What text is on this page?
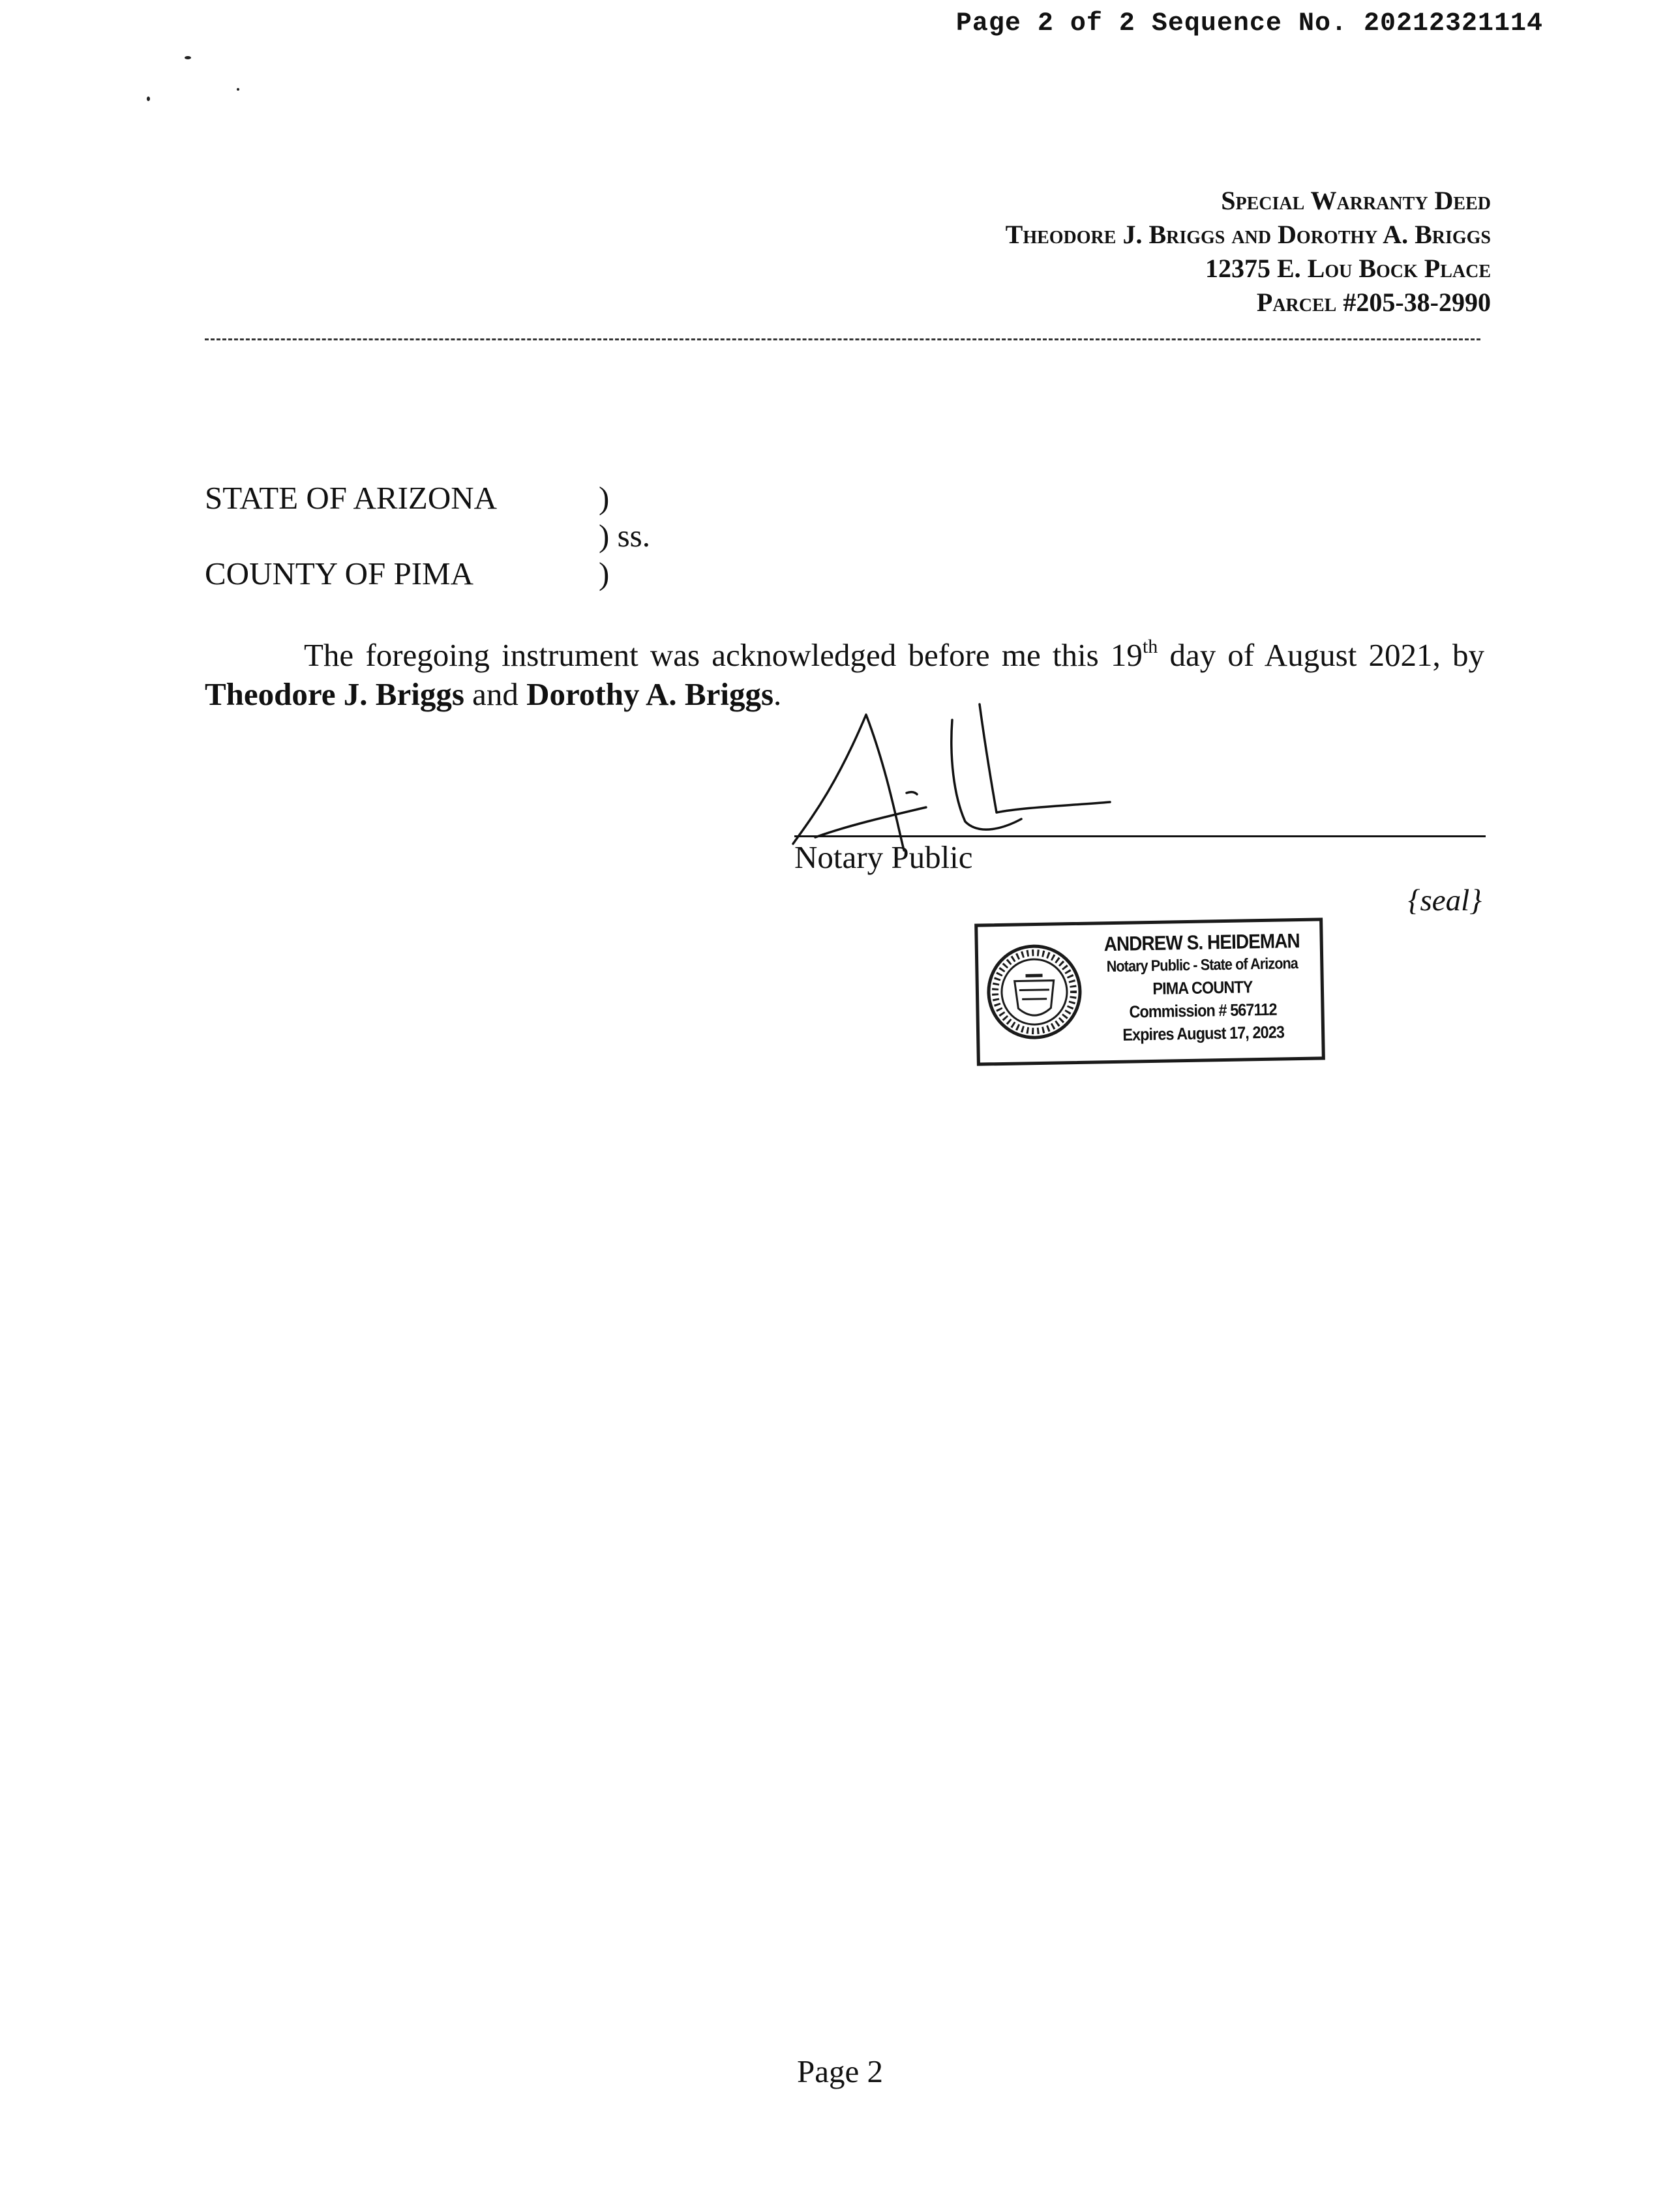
Page 2 of 2 Sequence No. 20212321114
Special Warranty Deed
Theodore J. Briggs and Dorothy A. Briggs
12375 E. Lou Bock Place
Parcel #205-38-2990
STATE OF ARIZONA	)
) ss.
COUNTY OF PIMA	)

The foregoing instrument was acknowledged before me this 19th day of August 2021, by

Theodore J. Briggs and Dorothy A. Briggs.

Notary Public
{seal}
ANDREW S. HEIDEMAN
Notary Public - State of Arizona
PIMA COUNTY
Commission # 567112
Expires August 17, 2023
Page 2
